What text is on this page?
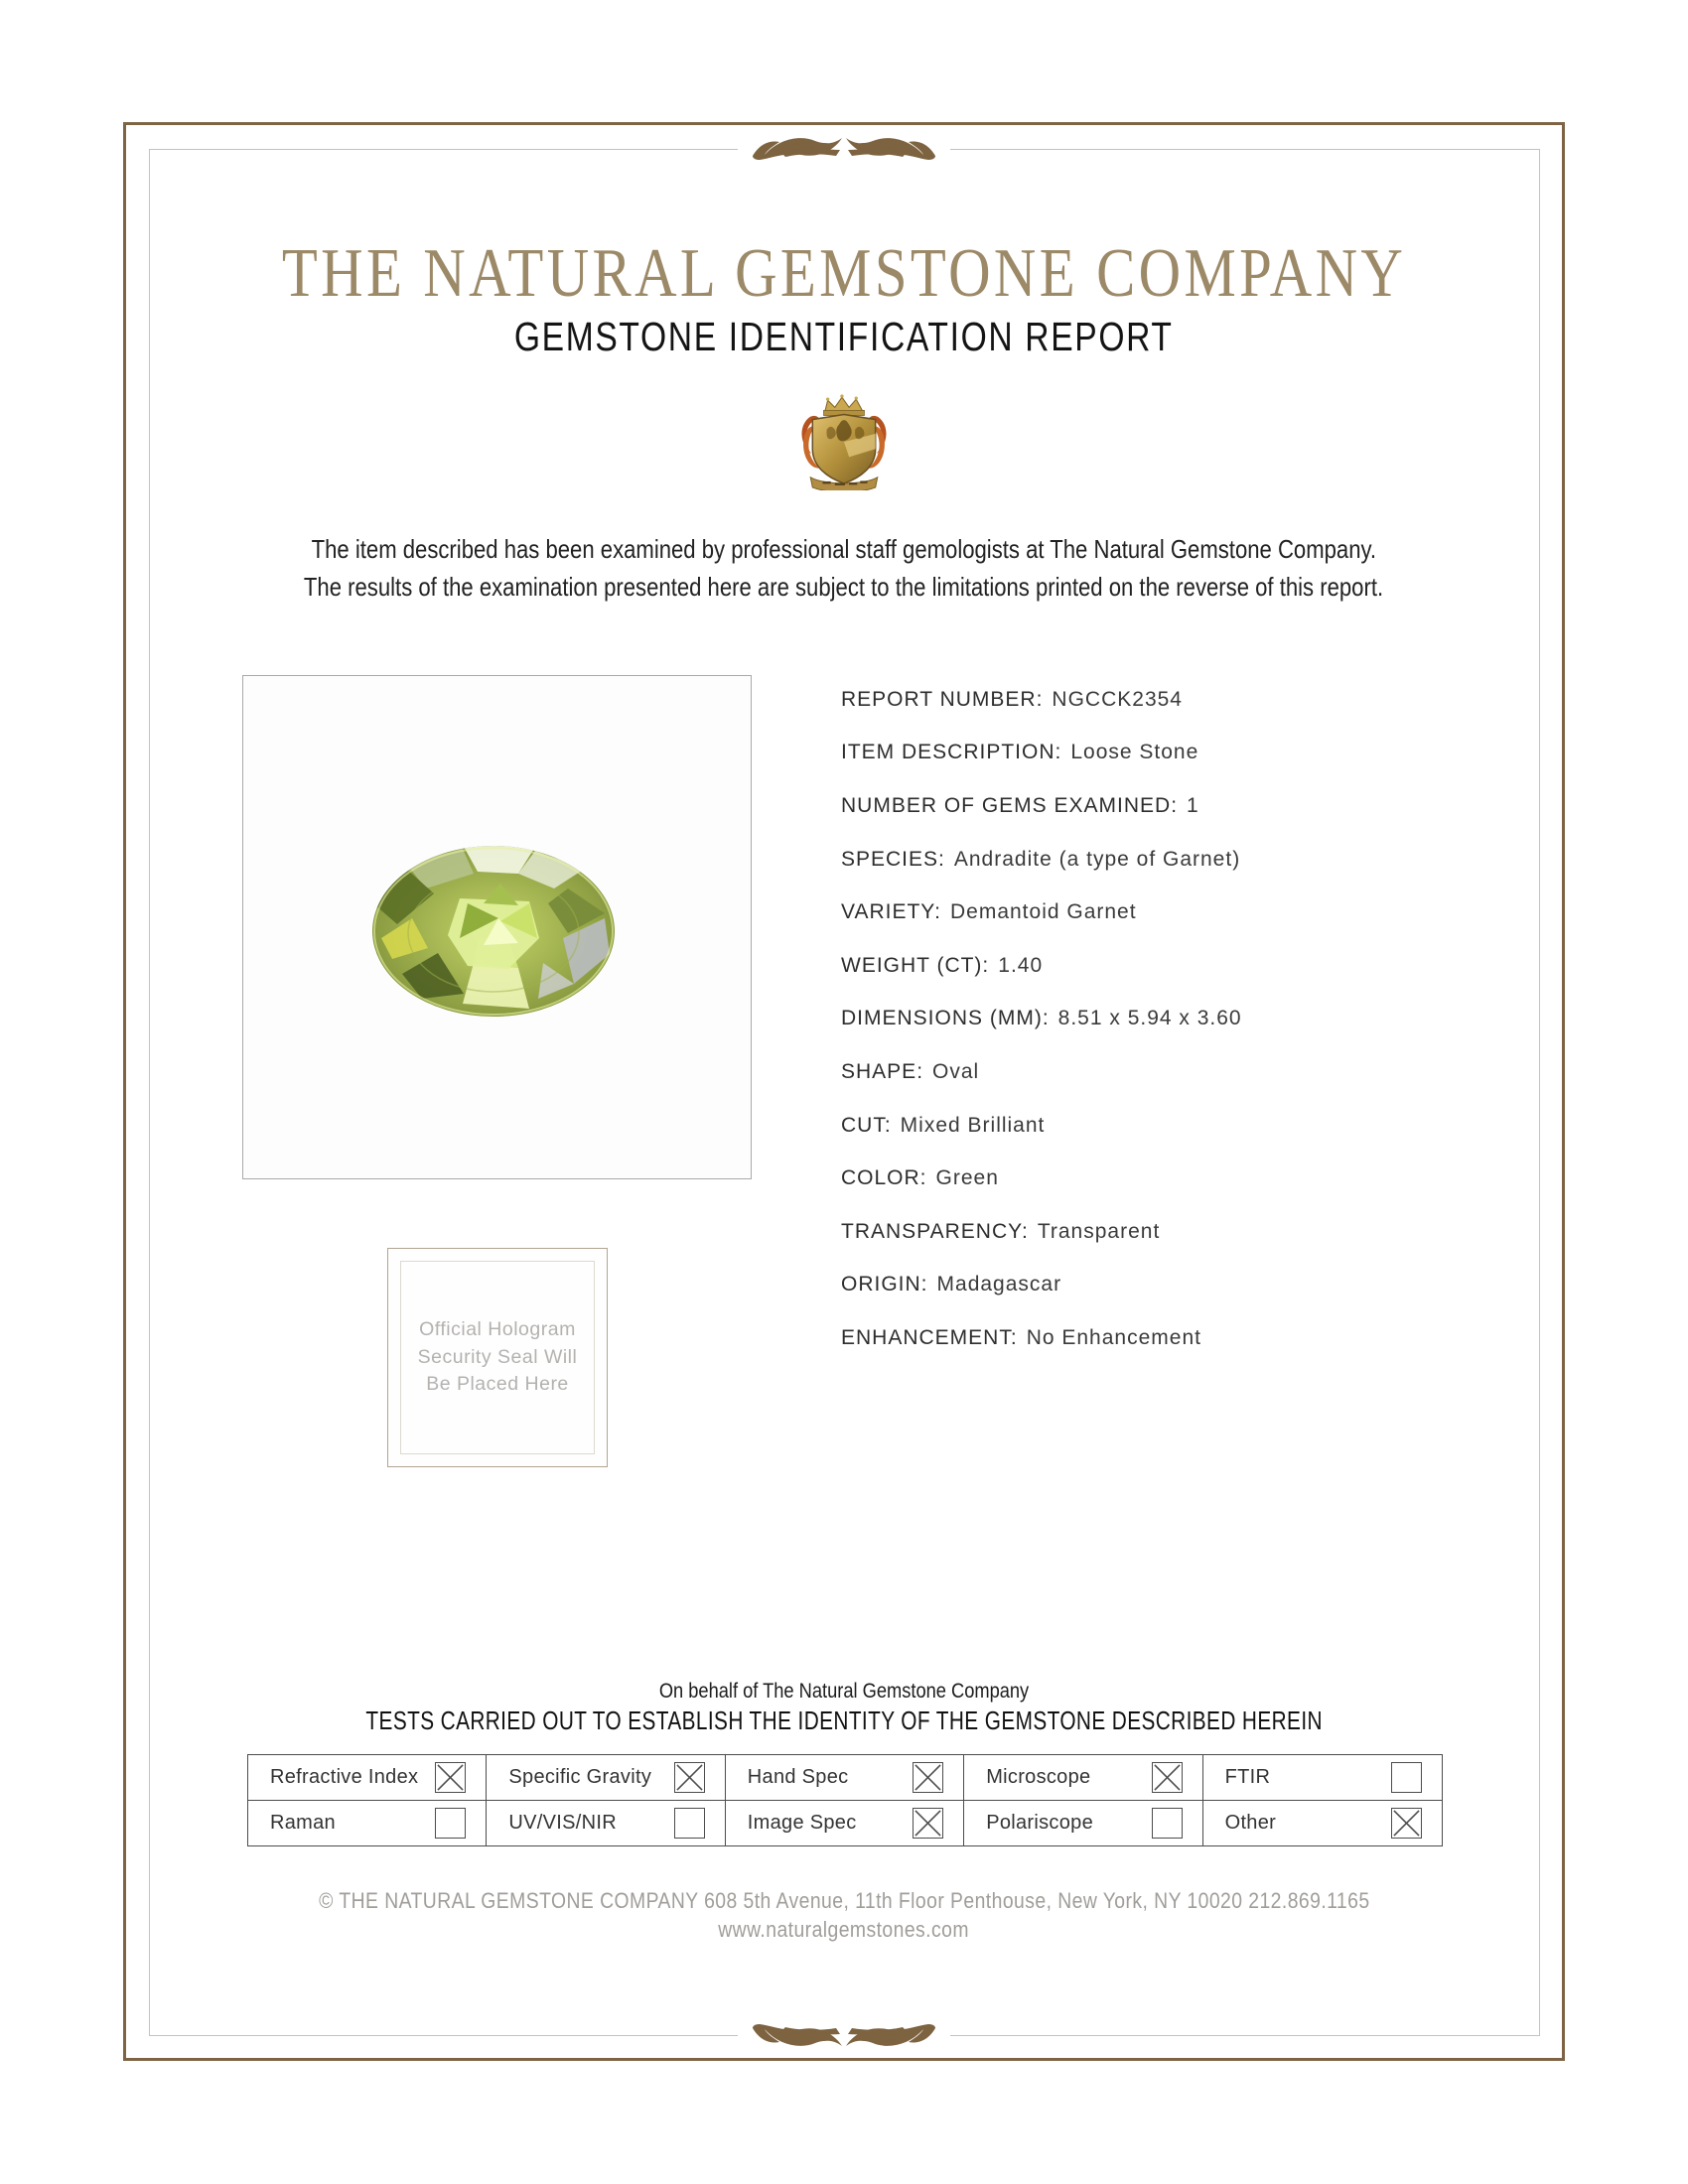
THE NATURAL GEMSTONE COMPANY
GEMSTONE IDENTIFICATION REPORT
The item described has been examined by professional staff gemologists at The Natural Gemstone Company.
The results of the examination presented here are subject to the limitations printed on the reverse of this report.
REPORT NUMBER: NGCCK2354
ITEM DESCRIPTION: Loose Stone
NUMBER OF GEMS EXAMINED: 1
SPECIES: Andradite (a type of Garnet)
VARIETY: Demantoid Garnet
WEIGHT (CT): 1.40
DIMENSIONS (MM): 8.51 x 5.94 x 3.60
SHAPE: Oval
CUT: Mixed Brilliant
COLOR: Green
TRANSPARENCY: Transparent
ORIGIN: Madagascar
ENHANCEMENT: No Enhancement
Official Hologram
Security Seal Will
Be Placed Here
On behalf of The Natural Gemstone Company
TESTS CARRIED OUT TO ESTABLISH THE IDENTITY OF THE GEMSTONE DESCRIBED HEREIN
Refractive Index	Specific Gravity	Hand Spec	Microscope	FTIR
Raman	UV/VIS/NIR	Image Spec	Polariscope	Other
© THE NATURAL GEMSTONE COMPANY 608 5th Avenue, 11th Floor Penthouse, New York, NY 10020 212.869.1165
www.naturalgemstones.com
